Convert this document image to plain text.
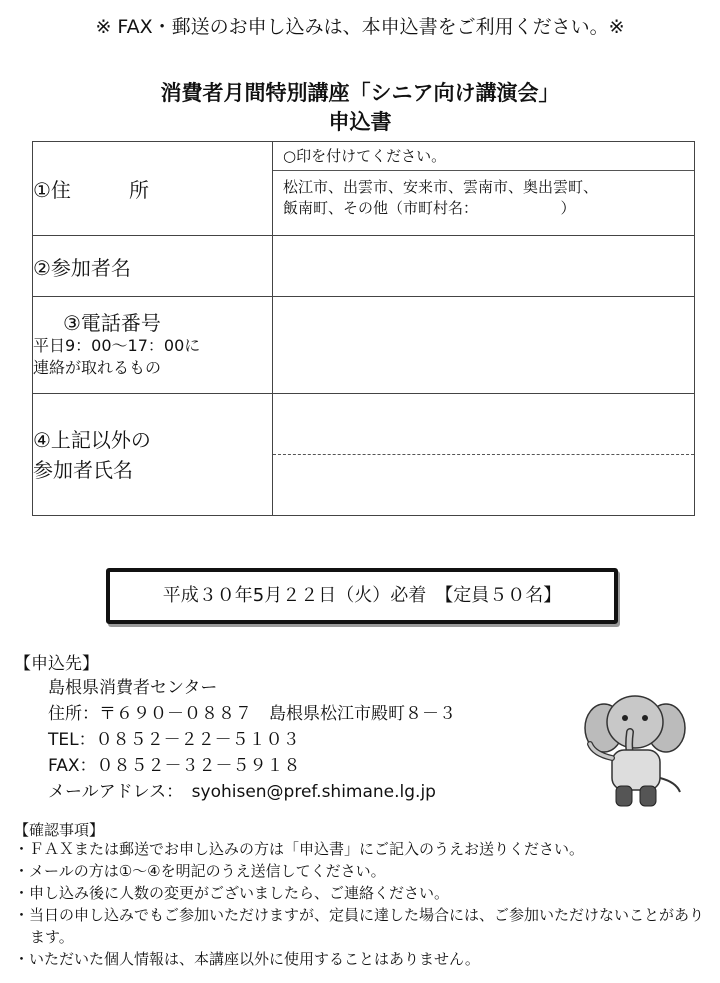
※ FAX・郵送のお申し込みは、本申込書をご利用ください。※
消費者月間特別講座「シニア向け講演会」
申込書
①住 所	○印を付けてください。
松江市、出雲市、安来市、雲南市、奥出雲町、
飯南町、その他（市町村名：　　　　　　）

②参加者名	

③電話番号
平日9：00～17：00に
連絡が取れるもの	

④上記以外の
参加者氏名	

平成３０年5月２２日（火）必着　【定員５０名】
【申込先】
島根県消費者センター
住所：〒６９０－０８８７　島根県松江市殿町８－３
TEL：０８５２－２２－５１０３
FAX：０８５２－３２－５９１８
メールアドレス：　syohisen@pref.shimane.lg.jp
【確認事項】
・ＦＡＸまたは郵送でお申し込みの方は「申込書」にご記入のうえお送りください。
・メールの方は①～④を明記のうえ送信してください。
・申し込み後に人数の変更がございましたら、ご連絡ください。
・当日の申し込みでもご参加いただけますが、定員に達した場合には、ご参加いただけないことがあります。
・いただいた個人情報は、本講座以外に使用することはありません。
